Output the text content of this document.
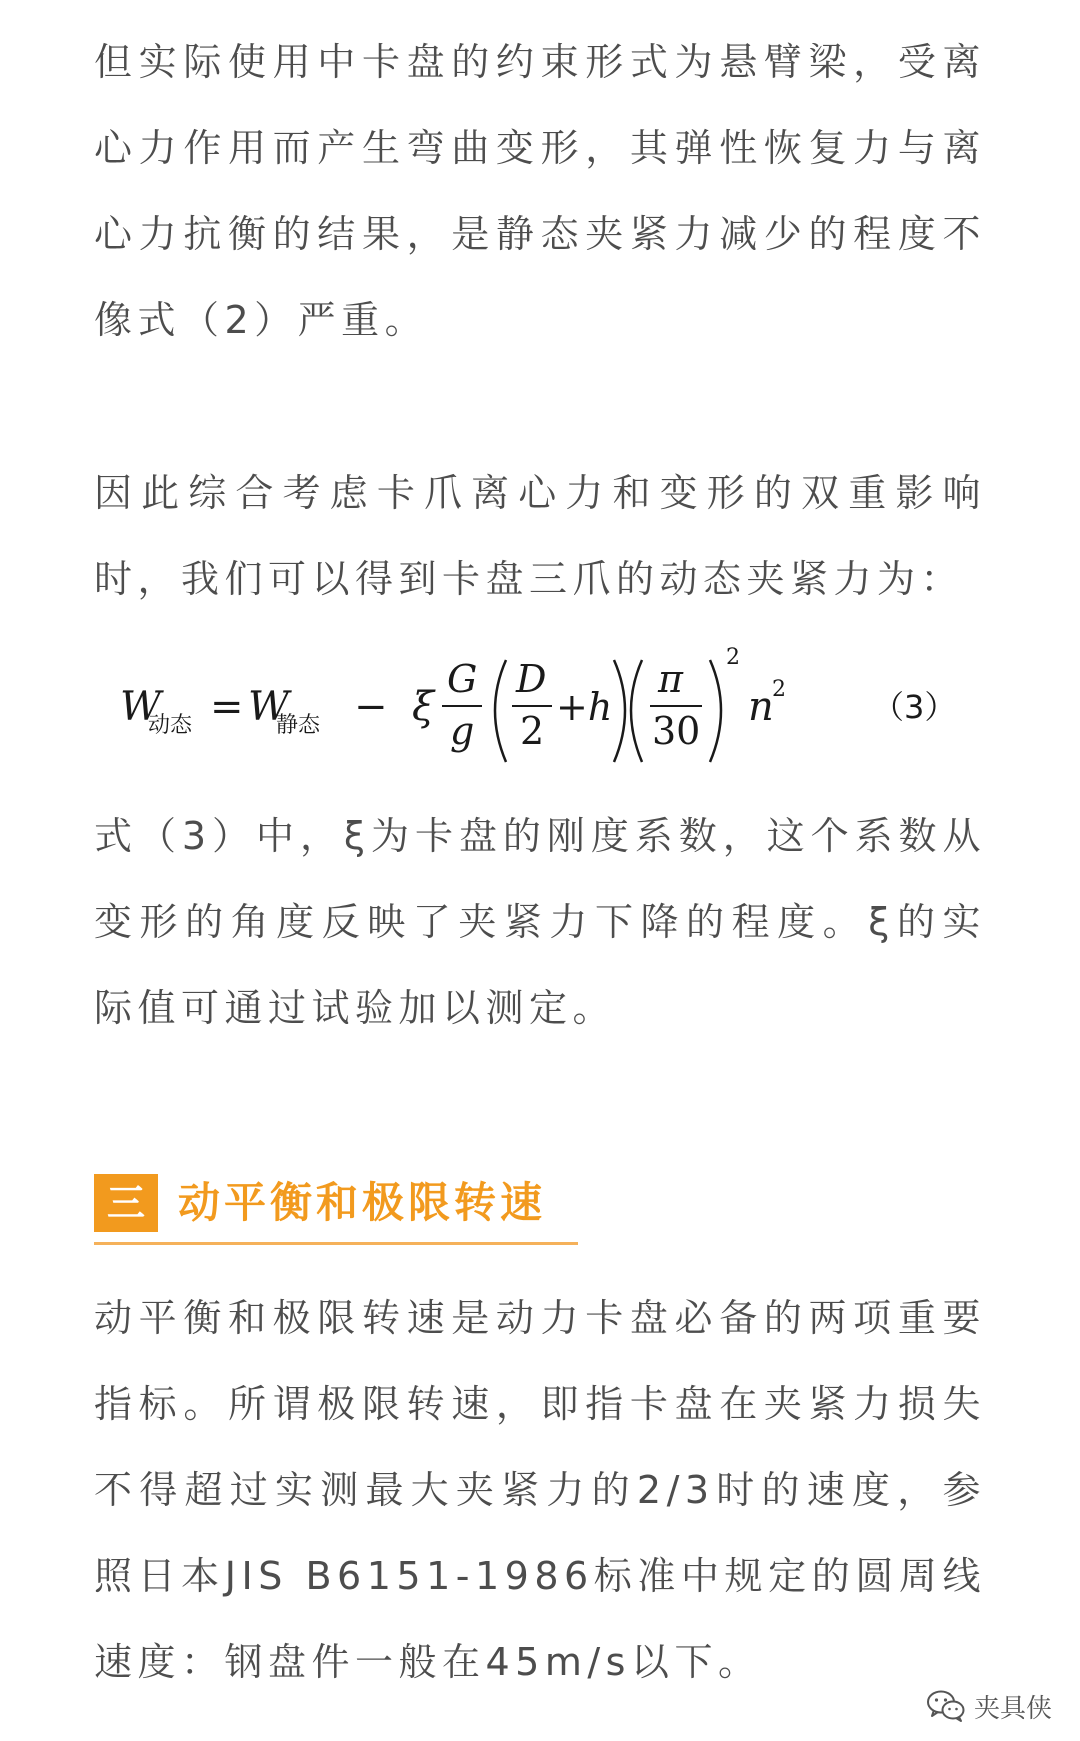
但实际使用中卡盘的约束形式为悬臂梁，受离心力作用而产生弯曲变形，其弹性恢复力与离心力抗衡的结果，是静态夹紧力减少的程度不像式（2）严重。

因此综合考虑卡爪离心力和变形的双重影响时，我们可以得到卡盘三爪的动态夹紧力为：

W
动态 = W
静态 − ξ
G
g
D
2
+h
π
30
2
n
2	（3）

式（3）中，ξ为卡盘的刚度系数，这个系数从变形的角度反映了夹紧力下降的程度。ξ的实际值可通过试验加以测定。

三 动平衡和极限转速

动平衡和极限转速是动力卡盘必备的两项重要指标。所谓极限转速，即指卡盘在夹紧力损失不得超过实测最大夹紧力的2/3时的速度，参照日本JIS B6151-1986标准中规定的圆周线速度：钢盘件一般在45m/s以下。

夹具侠
